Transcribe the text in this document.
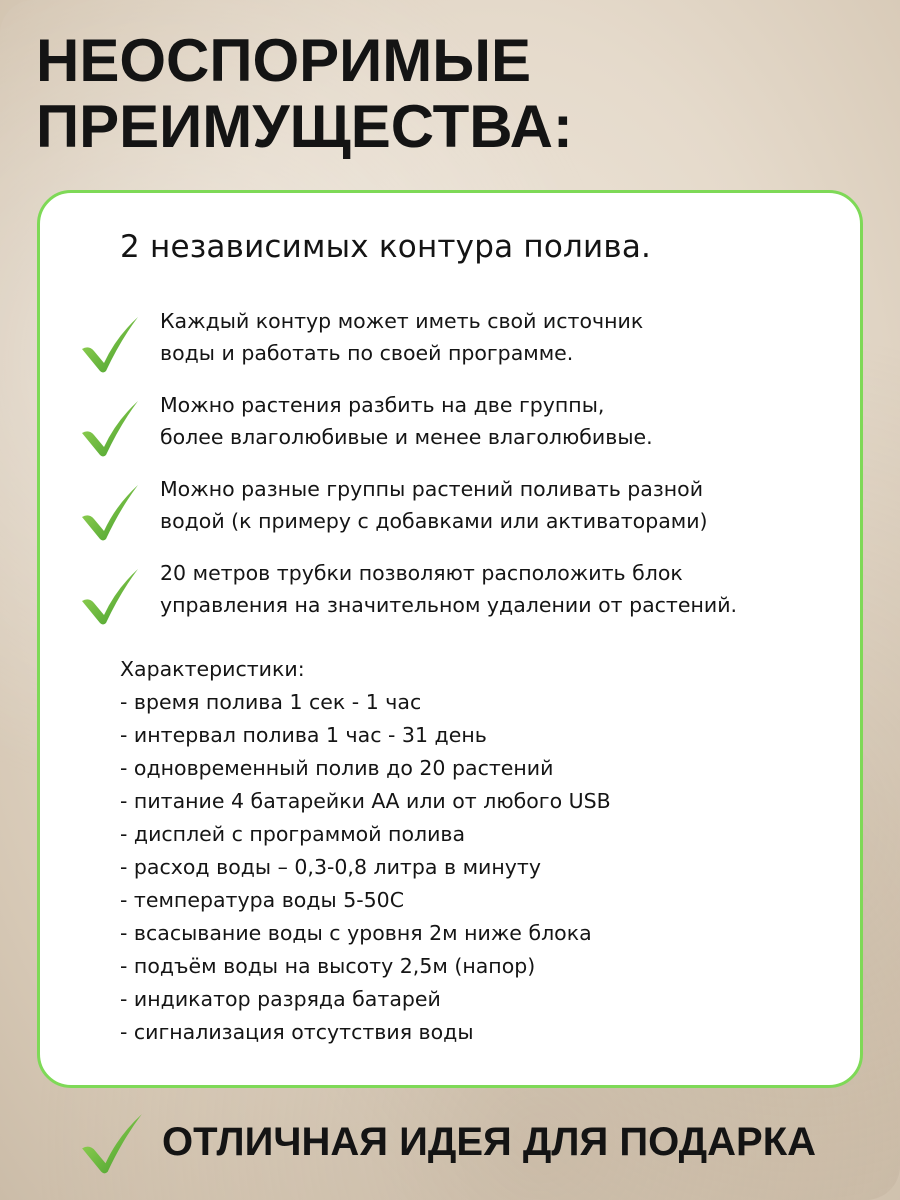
НЕОСПОРИМЫЕ
ПРЕИМУЩЕСТВА:
2 независимых контура полива.
Каждый контур может иметь свой источник
воды и работать по своей программе.
Можно растения разбить на две группы,
более влаголюбивые и менее влаголюбивые.
Можно разные группы растений поливать разной
водой (к примеру с добавками или активаторами)
20 метров трубки позволяют расположить блок
управления на значительном удалении от растений.
Характеристики:
- время полива 1 сек - 1 час
- интервал полива 1 час - 31 день
- одновременный полив до 20 растений
- питание 4 батарейки АА или от любого USB
- дисплей с программой полива
- расход воды – 0,3-0,8 литра в минуту
- температура воды 5-50С
- всасывание воды с уровня 2м ниже блока
- подъём воды на высоту 2,5м (напор)
- индикатор разряда батарей
- сигнализация отсутствия воды
ОТЛИЧНАЯ ИДЕЯ ДЛЯ ПОДАРКА
